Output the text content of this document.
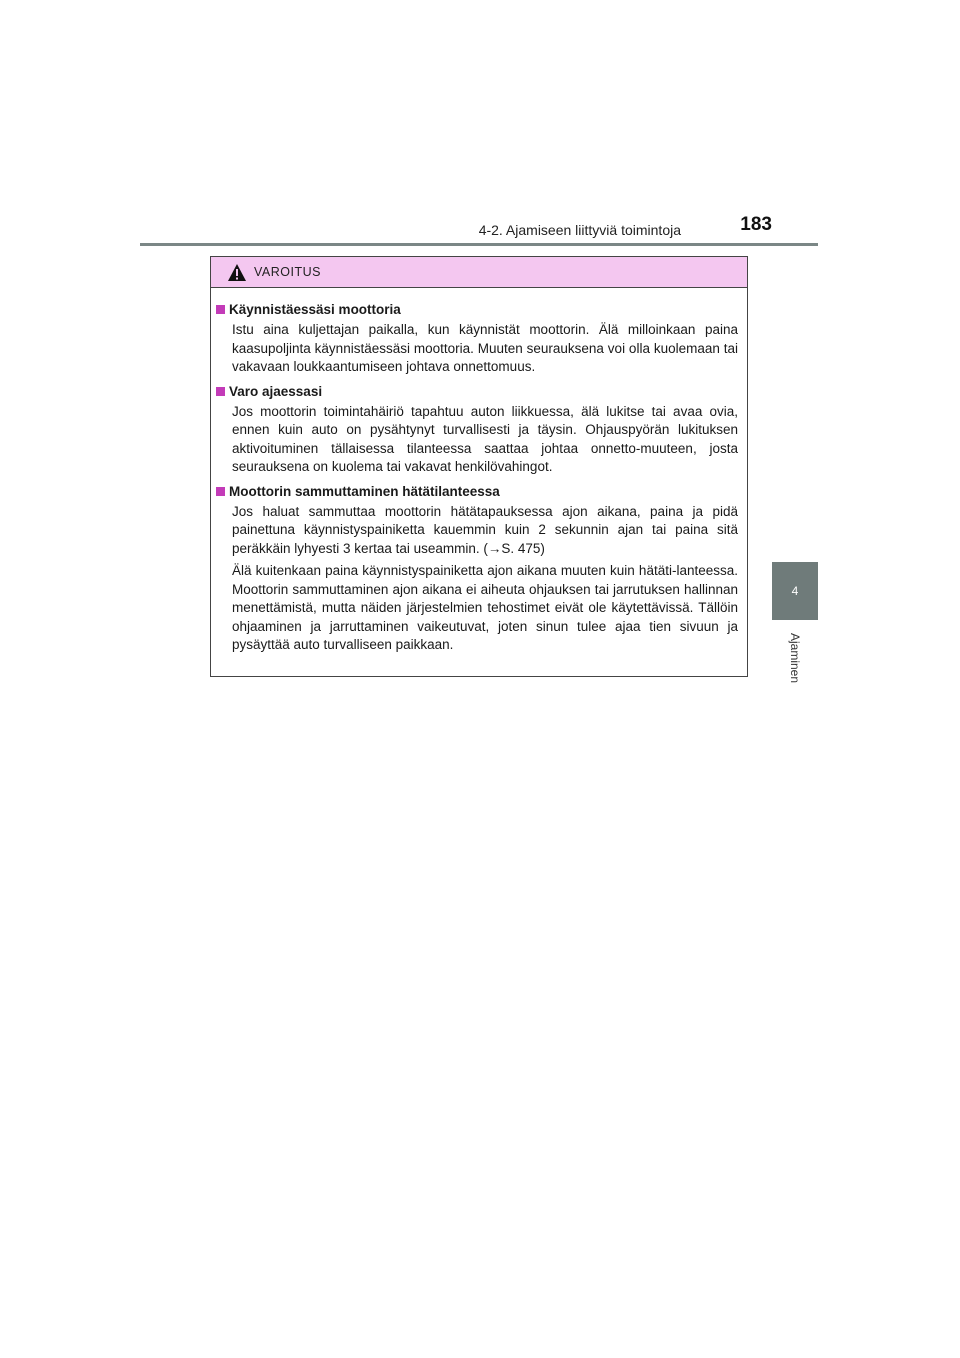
4-2. Ajamiseen liittyviä toimintoja	183
4
Ajaminen
VAROITUS
Käynnistäessäsi moottoria

Istu aina kuljettajan paikalla, kun käynnistät moottorin. Älä milloinkaan paina kaasupoljinta käynnistäessäsi moottoria. Muuten seurauksena voi olla kuolemaan tai vakavaan loukkaantumiseen johtava onnettomuus.

Varo ajaessasi

Jos moottorin toimintahäiriö tapahtuu auton liikkuessa, älä lukitse tai avaa ovia, ennen kuin auto on pysähtynyt turvallisesti ja täysin. Ohjauspyörän lukituksen aktivoituminen tällaisessa tilanteessa saattaa johtaa onnetto-muuteen, josta seurauksena on kuolema tai vakavat henkilövahingot.

Moottorin sammuttaminen hätätilanteessa

Jos haluat sammuttaa moottorin hätätapauksessa ajon aikana, paina ja pidä painettuna käynnistyspainiketta kauemmin kuin 2 sekunnin ajan tai paina sitä peräkkäin lyhyesti 3 kertaa tai useammin. (→S. 475)

Älä kuitenkaan paina käynnistyspainiketta ajon aikana muuten kuin hätäti-lanteessa. Moottorin sammuttaminen ajon aikana ei aiheuta ohjauksen tai jarrutuksen hallinnan menettämistä, mutta näiden järjestelmien tehostimet eivät ole käytettävissä. Tällöin ohjaaminen ja jarruttaminen vaikeutuvat, joten sinun tulee ajaa tien sivuun ja pysäyttää auto turvalliseen paikkaan.
